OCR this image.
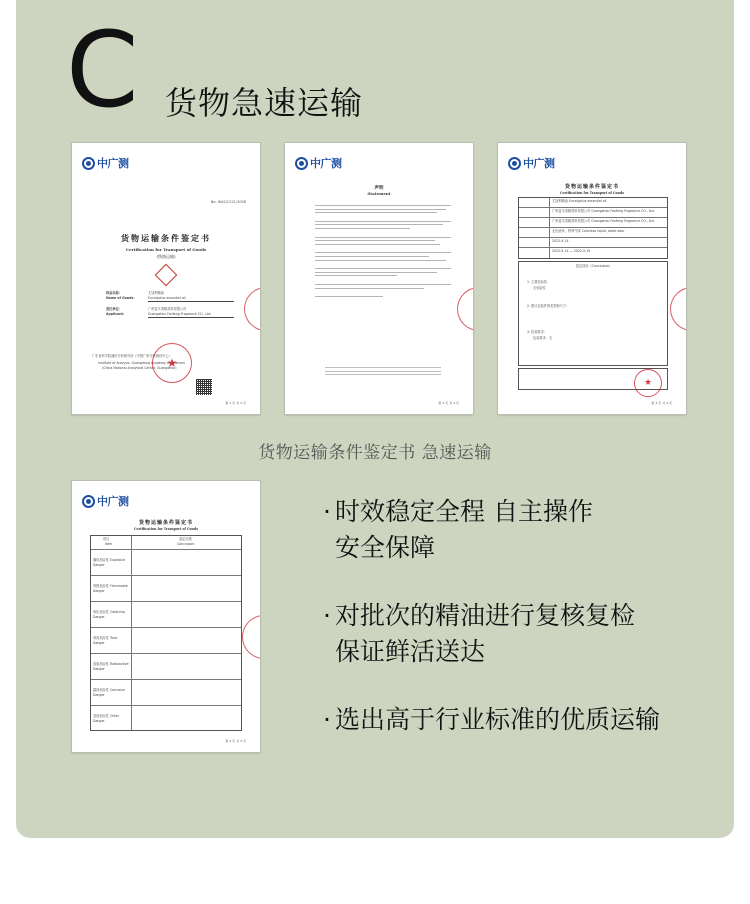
C 货物急速运输
中广测
No. WAS/C221/3058
货物运输条件鉴定书
Certification for Transport of Goods
(铁路运输)
样品名称：
Name of Goods：
尤加利精油
Eucalyptus essential oil
委托单位：
Applicant：
广州富丰香精香料有限公司
Guangzhou Fanfeng Fragrance CO., Ltd.
广东省科学院测试分析研究所（中国广州分析测试中心）
Institute of Analysis, Guangdong Academy of Sciences
(China National Analytical Center, Guangzhou)
★
第 1 页 共 4 页
中广测
声明
Statement
第 2 页 共 4 页
中广测
货物运输条件鉴定书
Certification for Transport of Goods
尤加利精油 Eucalyptus essential oil
广州富丰香精香料有限公司 Guangzhou Fanfeng Fragrance CO., Ltd.
广州富丰香精香料有限公司 Guangzhou Fanfeng Fragrance CO., Ltd.
无色液体，特殊气味 Colorless liquid, weak odor
2022-9-14
2022-9-14 — 2022-9-19
鉴定结论（Conclusion）
1. 主要危险性：
无危险性
2. 建议包装件的类型和尺寸：
3. 包装要求：
包装要求：无
★
第 3 页 共 4 页
中广测
货物运输条件鉴定书
Certification for Transport of Goods
项目
Item
鉴定结果
Conclusion
爆炸危险性 Explosive Danger
易燃危险性 Flammable Danger
氧化危险性 Oxidizing Danger
毒害危险性 Toxic Danger
放射危险性 Radioactive Danger
腐蚀危险性 Corrosive Danger
其他危险性 Other Danger
第 4 页 共 4 页
货物运输条件鉴定书 急速运输
· 时效稳定全程 自主操作
安全保障
· 对批次的精油进行复核复检
保证鲜活送达
· 选出高于行业标准的优质运输
